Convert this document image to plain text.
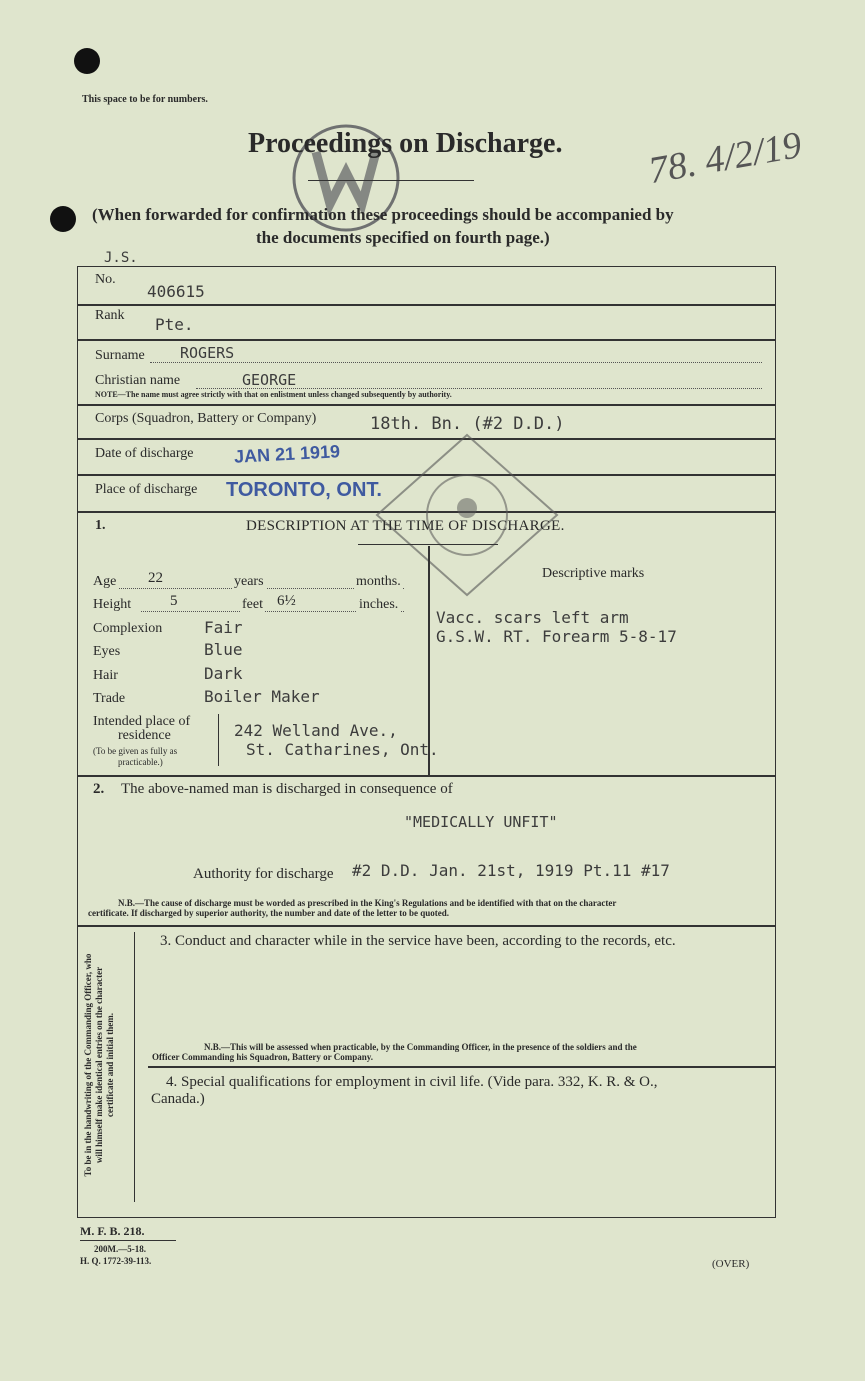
This space to be for numbers.
Proceedings on Discharge. 78. 4/2/19
(When forwarded for confirmation these proceedings should be accompanied by
the documents specified on fourth page.)
J.S.
No.
406615
Rank Pte.
Surname ROGERS
Christian name	GEORGE
NOTE—The name must agree strictly with that on enlistment unless changed subsequently by authority.
Corps (Squadron, Battery or Company)	18th. Bn. (#2 D.D.)
Date of discharge JAN 21 1919
Place of discharge TORONTO, ONT.
1.	DESCRIPTION AT THE TIME OF DISCHARGE.
Age 22	years	months.
Height	5	feet 6½	inches.
Complexion	Fair
Eyes	Blue
Hair	Dark
Trade	Boiler Maker
Intended place of
residence
(To be given as fully as
practicable.)
242 Welland Ave.,
St. Catharines, Ont.
Descriptive marks
Vacc. scars left arm
G.S.W. RT. Forearm 5-8-17
2. The above-named man is discharged in consequence of
"MEDICALLY UNFIT"
Authority for discharge #2 D.D. Jan. 21st, 1919 Pt.11 #17
N.B.—The cause of discharge must be worded as prescribed in the King's Regulations and be identified with that on the character
certificate. If discharged by superior authority, the number and date of the letter to be quoted.
To be in the handwriting of the Commanding Officer, who will himself make identical entries on the character certificate and initial them.
3. Conduct and character while in the service have been, according to the records, etc.
N.B.—This will be assessed when practicable, by the Commanding Officer, in the presence of the soldiers and the
Officer Commanding his Squadron, Battery or Company.
4. Special qualifications for employment in civil life. (Vide para. 332, K. R. & O.,
Canada.)
M. F. B. 218.
200M.—5-18.
H. Q. 1772-39-113.	(OVER)
